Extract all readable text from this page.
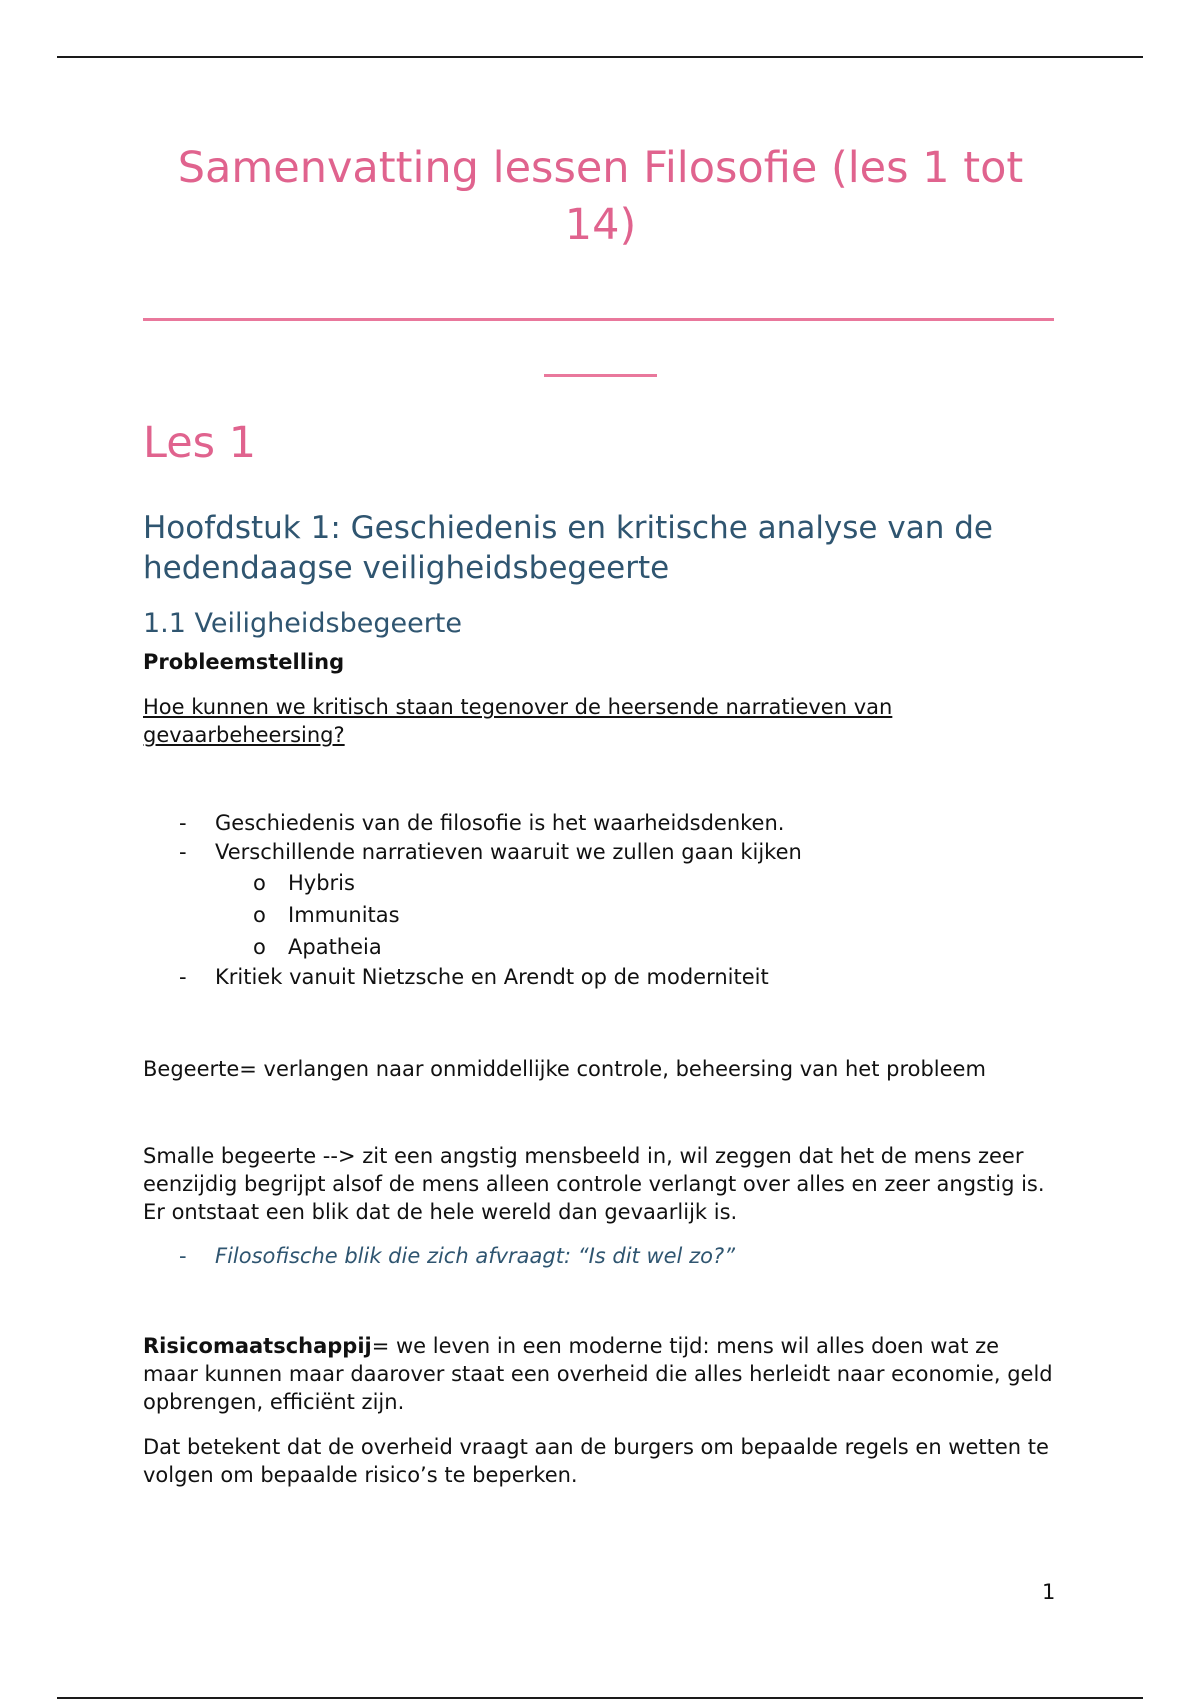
Samenvatting lessen Filosofie (les 1 tot 14)
Les 1
Hoofdstuk 1: Geschiedenis en kritische analyse van de hedendaagse veiligheidsbegeerte
1.1 Veiligheidsbegeerte

Probleemstelling

Hoe kunnen we kritisch staan tegenover de heersende narratieven van gevaarbeheersing?

- Geschiedenis van de filosofie is het waarheidsdenken.
- Verschillende narratieven waaruit we zullen gaan kijken
o Hybris
o Immunitas
o Apatheia
- Kritiek vanuit Nietzsche en Arendt op de moderniteit

Begeerte= verlangen naar onmiddellijke controle, beheersing van het probleem

Smalle begeerte --> zit een angstig mensbeeld in, wil zeggen dat het de mens zeer eenzijdig begrijpt alsof de mens alleen controle verlangt over alles en zeer angstig is. Er ontstaat een blik dat de hele wereld dan gevaarlijk is.

- Filosofische blik die zich afvraagt: “Is dit wel zo?”

Risicomaatschappij= we leven in een moderne tijd: mens wil alles doen wat ze maar kunnen maar daarover staat een overheid die alles herleidt naar economie, geld opbrengen, efficiënt zijn.

Dat betekent dat de overheid vraagt aan de burgers om bepaalde regels en wetten te volgen om bepaalde risico’s te beperken.

1
